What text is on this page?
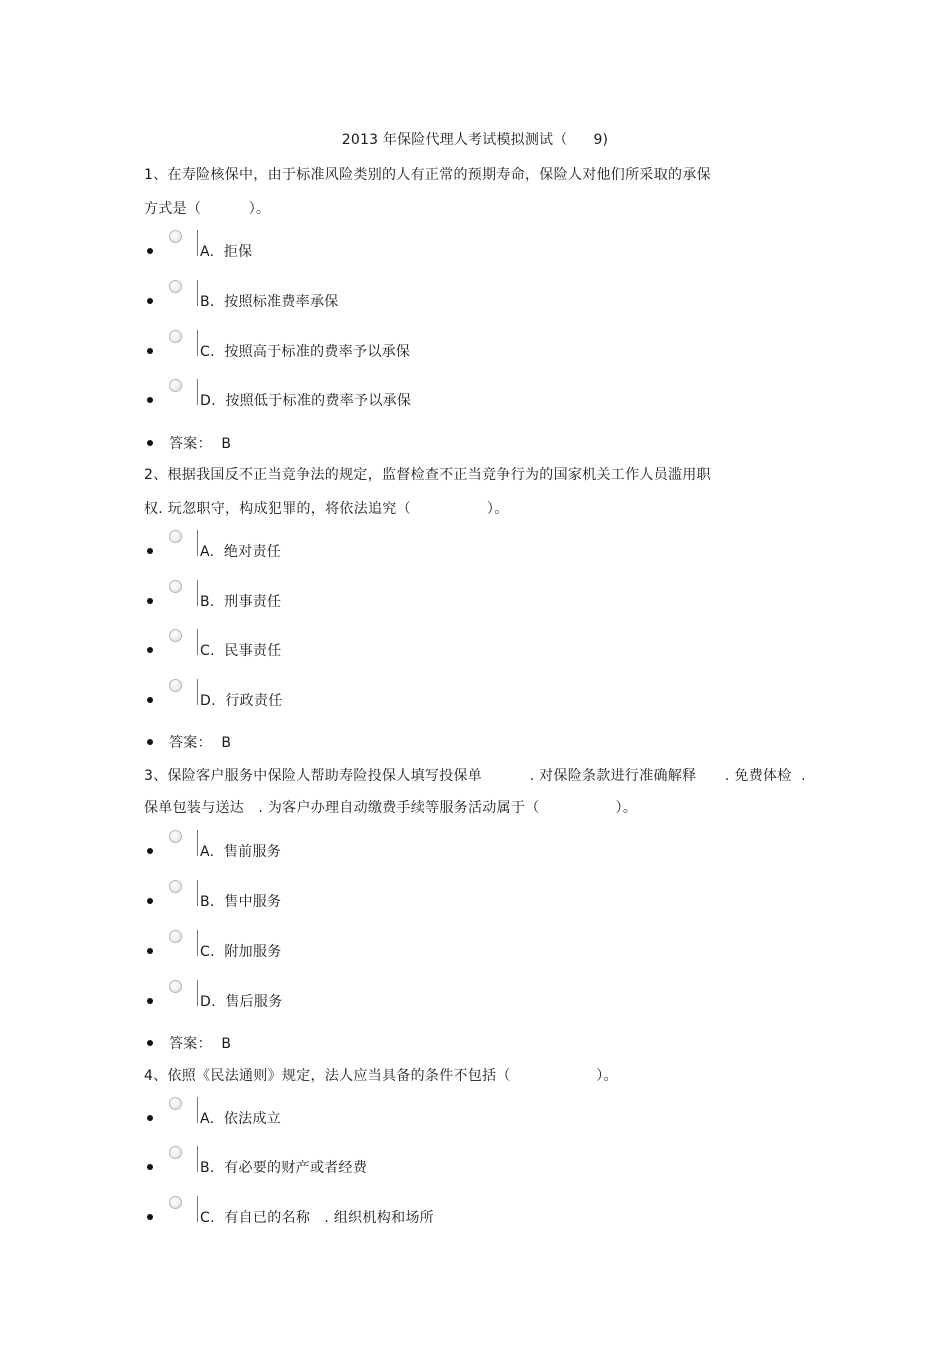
2013 年保险代理人考试模拟测试（ 9)
1、在寿险核保中，由于标准风险类别的人有正常的预期寿命，保险人对他们所采取的承保
方式是（          ）。
A.  拒保
B.  按照标准费率承保
C.  按照高于标准的费率予以承保
D.  按照低于标准的费率予以承保
答案： B
2、根据我国反不正当竞争法的规定，监督检查不正当竞争行为的国家机关工作人员滥用职
权. 玩忽职守，构成犯罪的，将依法追究（                ）。
A.  绝对责任
B.  刑事责任
C.  民事责任
D.  行政责任
答案： B
3、保险客户服务中保险人帮助寿险投保人填写投保单          . 对保险条款进行准确解释      . 免费体检  .
保单包装与送达   . 为客户办理自动缴费手续等服务活动属于（                ）。
A.  售前服务
B.  售中服务
C.  附加服务
D.  售后服务
答案： B
4、依照《民法通则》规定，法人应当具备的条件不包括（                  ）。
A.  依法成立
B.  有必要的财产或者经费
C.  有自已的名称   . 组织机构和场所
